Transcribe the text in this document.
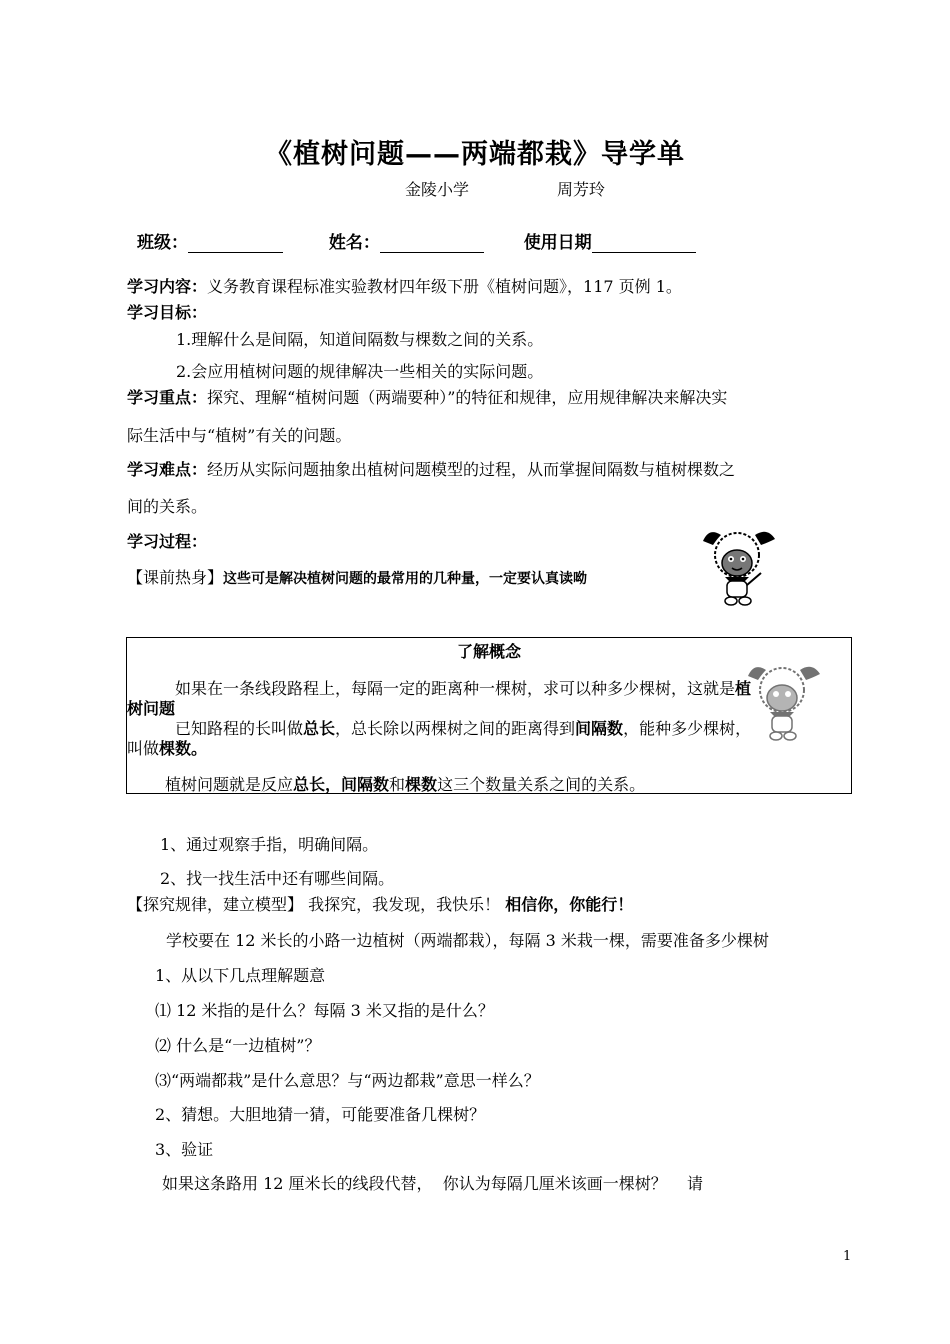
《植树问题——两端都栽》导学单
金陵小学	周芳玲
班级：	姓名：	使用日期
学习内容：义务教育课程标准实验教材四年级下册《植树问题》，117 页例 1。
学习目标：
1.理解什么是间隔，知道间隔数与棵数之间的关系。
2.会应用植树问题的规律解决一些相关的实际问题。
学习重点：探究、理解“植树问题（两端要种）”的特征和规律，应用规律解决来解决实
际生活中与“植树”有关的问题。
学习难点：经历从实际问题抽象出植树问题模型的过程，从而掌握间隔数与植树棵数之
间的关系。
学习过程：
【课前热身】这些可是解决植树问题的最常用的几种量，一定要认真读呦
了解概念
如果在一条线段路程上，每隔一定的距离种一棵树，求可以种多少棵树，这就是植
树问题
已知路程的长叫做总长，总长除以两棵树之间的距离得到间隔数，能种多少棵树，
叫做棵数。
植树问题就是反应总长，间隔数和棵数这三个数量关系之间的关系。
1、通过观察手指，明确间隔。
2、找一找生活中还有哪些间隔。
【探究规律，建立模型】 我探究，我发现，我快乐！ 相信你，你能行！
学校要在 12 米长的小路一边植树（两端都栽），每隔 3 米栽一棵，需要准备多少棵树
1、从以下几点理解题意
⑴ 12 米指的是什么？每隔 3 米又指的是什么？
⑵ 什么是“一边植树”？
⑶“两端都栽”是什么意思？与“两边都栽”意思一样么？
2、猜想。大胆地猜一猜，可能要准备几棵树？
3、验证
如果这条路用 12 厘米长的线段代替，  你认为每隔几厘米该画一棵树？    请
1
